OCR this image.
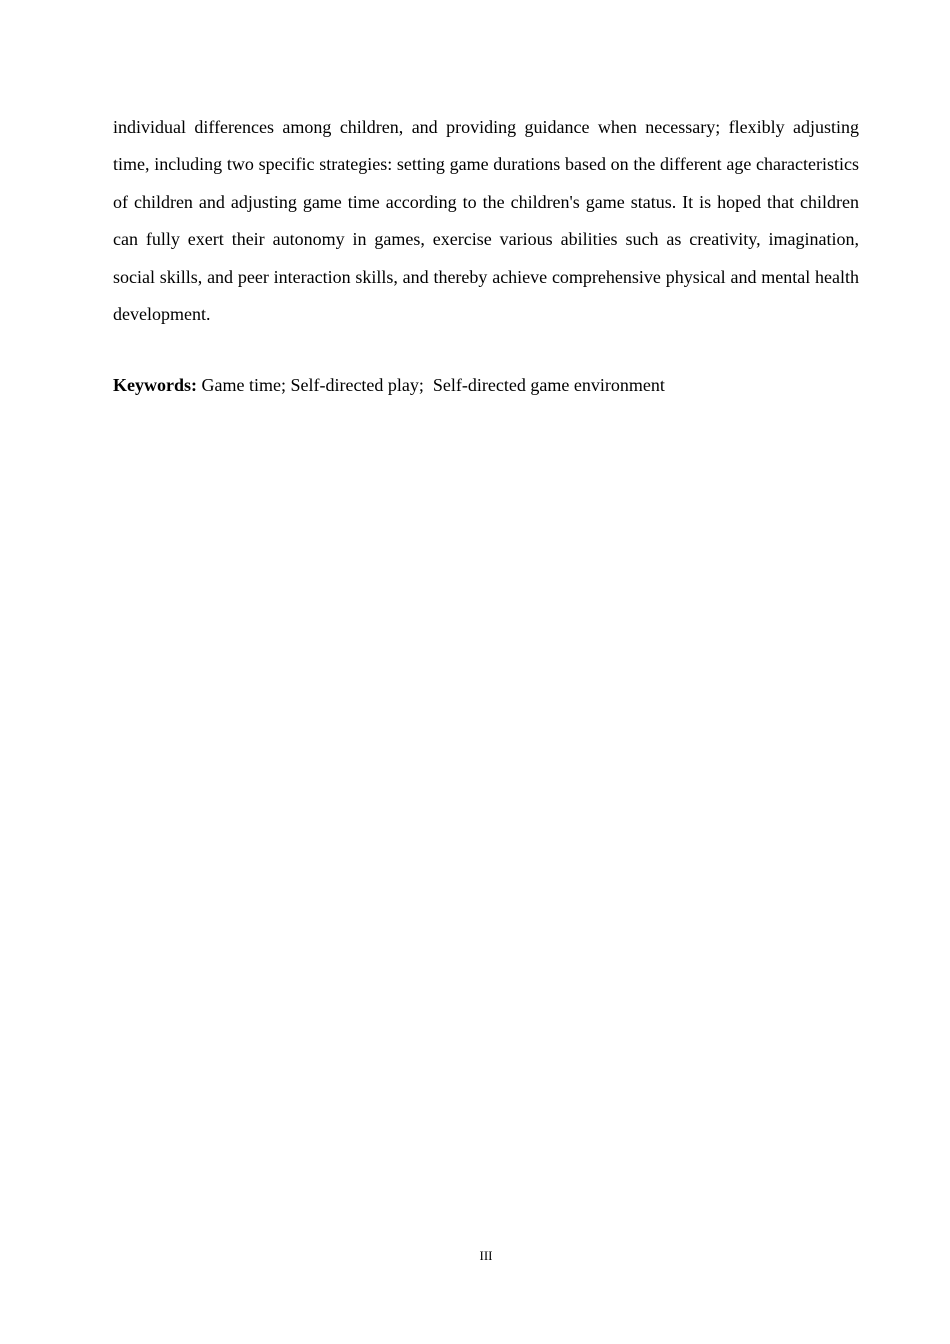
individual differences among children, and providing guidance when necessary; flexibly adjusting time, including two specific strategies: setting game durations based on the different age characteristics of children and adjusting game time according to the children's game status. It is hoped that children can fully exert their autonomy in games, exercise various abilities such as creativity, imagination, social skills, and peer interaction skills, and thereby achieve comprehensive physical and mental health development.

Keywords: Game time; Self-directed play;  Self-directed game environment

III
